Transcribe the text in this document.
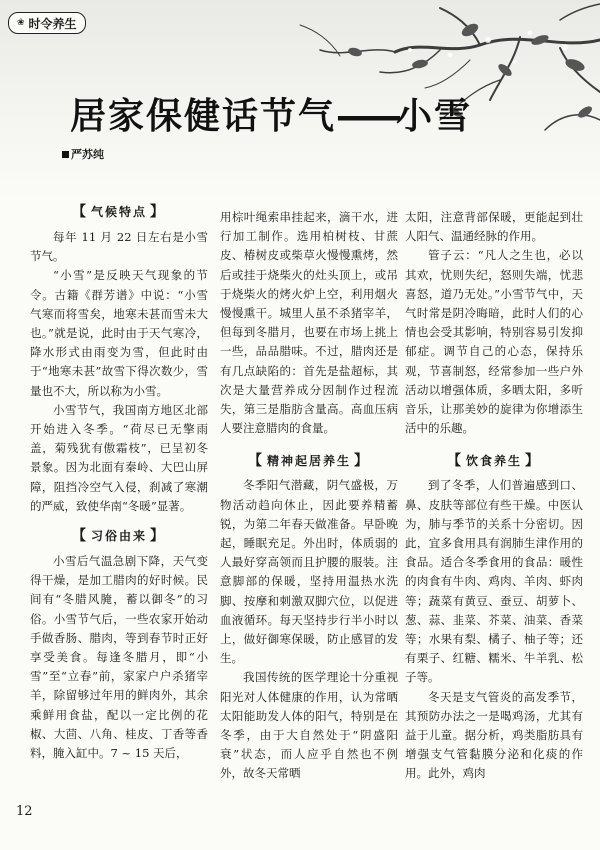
❀ 时令养生
居家保健话节气——小雪
严苏纯
【 气候特点 】

每年 11 月 22 日左右是小雪节气。

“小雪”是反映天气现象的节令。古籍《群芳谱》中说：“小雪气寒而将雪矣，地寒未甚而雪未大也。”就是说，此时由于天气寒冷，降水形式由雨变为雪，但此时由于“地寒未甚”故雪下得次数少，雪量也不大，所以称为小雪。

小雪节气，我国南方地区北部开始进入冬季。“荷尽已无擎雨盖，菊残犹有傲霜枝”，已呈初冬景象。因为北面有秦岭、大巴山屏障，阻挡冷空气入侵，刹减了寒潮的严威，致使华南“冬暖”显著。

【 习俗由来 】

小雪后气温急剧下降，天气变得干燥，是加工腊肉的好时候。民间有“冬腊风腌，蓄以御冬”的习俗。小雪节气后，一些农家开始动手做香肠、腊肉，等到春节时正好享受美食。每逢冬腊月，即“小雪”至“立春”前，家家户户杀猪宰羊，除留够过年用的鲜肉外，其余乘鲜用食盐，配以一定比例的花椒、大茴、八角、桂皮、丁香等香料，腌入缸中。7 ~ 15 天后，

用棕叶绳索串挂起来，滴干水，进行加工制作。选用柏树枝、甘蔗皮、椿树皮或柴草火慢慢熏烤，然后或挂于烧柴火的灶头顶上，或吊于烧柴火的烤火炉上空，利用烟火慢慢熏干。城里人虽不杀猪宰羊，但每到冬腊月，也要在市场上挑上一些，品品腊味。不过，腊肉还是有几点缺陷的：首先是盐超标，其次是大量营养成分因制作过程流失，第三是脂肪含量高。高血压病人要注意腊肉的食量。

【 精神起居养生 】

冬季阳气潜藏，阴气盛极，万物活动趋向休止，因此要养精蓄锐，为第二年春天做准备。早卧晚起，睡眠充足。外出时，体质弱的人最好穿高领而且护腰的服装。注意脚部的保暖，坚持用温热水洗脚、按摩和刺激双脚穴位，以促进血液循环。每天坚持步行半小时以上，做好御寒保暖，防止感冒的发生。

我国传统的医学理论十分重视阳光对人体健康的作用，认为常晒太阳能助发人体的阳气，特别是在冬季，由于大自然处于“阴盛阳衰”状态，而人应乎自然也不例外，故冬天常晒

太阳，注意背部保暖，更能起到壮人阳气、温通经脉的作用。

管子云：“凡人之生也，必以其欢，忧则失纪，怒则失端，忧悲喜怒，道乃无处。”小雪节气中，天气时常是阴冷晦暗，此时人们的心情也会受其影响，特别容易引发抑郁症。调节自己的心态，保持乐观，节喜制怒，经常参加一些户外活动以增强体质，多晒太阳，多听音乐，让那美妙的旋律为你增添生活中的乐趣。

【 饮食养生 】

到了冬季，人们普遍感到口、鼻、皮肤等部位有些干燥。中医认为，肺与季节的关系十分密切。因此，宜多食用具有润肺生津作用的食品。适合冬季食用的食品：暖性的肉食有牛肉、鸡肉、羊肉、虾肉等；蔬菜有黄豆、蚕豆、胡萝卜、葱、蒜、韭菜、芥菜、油菜、香菜等；水果有梨、橘子、柚子等；还有栗子、红糖、糯米、牛羊乳、松子等。

冬天是支气管炎的高发季节，其预防办法之一是喝鸡汤，尤其有益于儿童。据分析，鸡类脂肪具有增强支气管黏膜分泌和化痰的作用。此外，鸡肉

12
